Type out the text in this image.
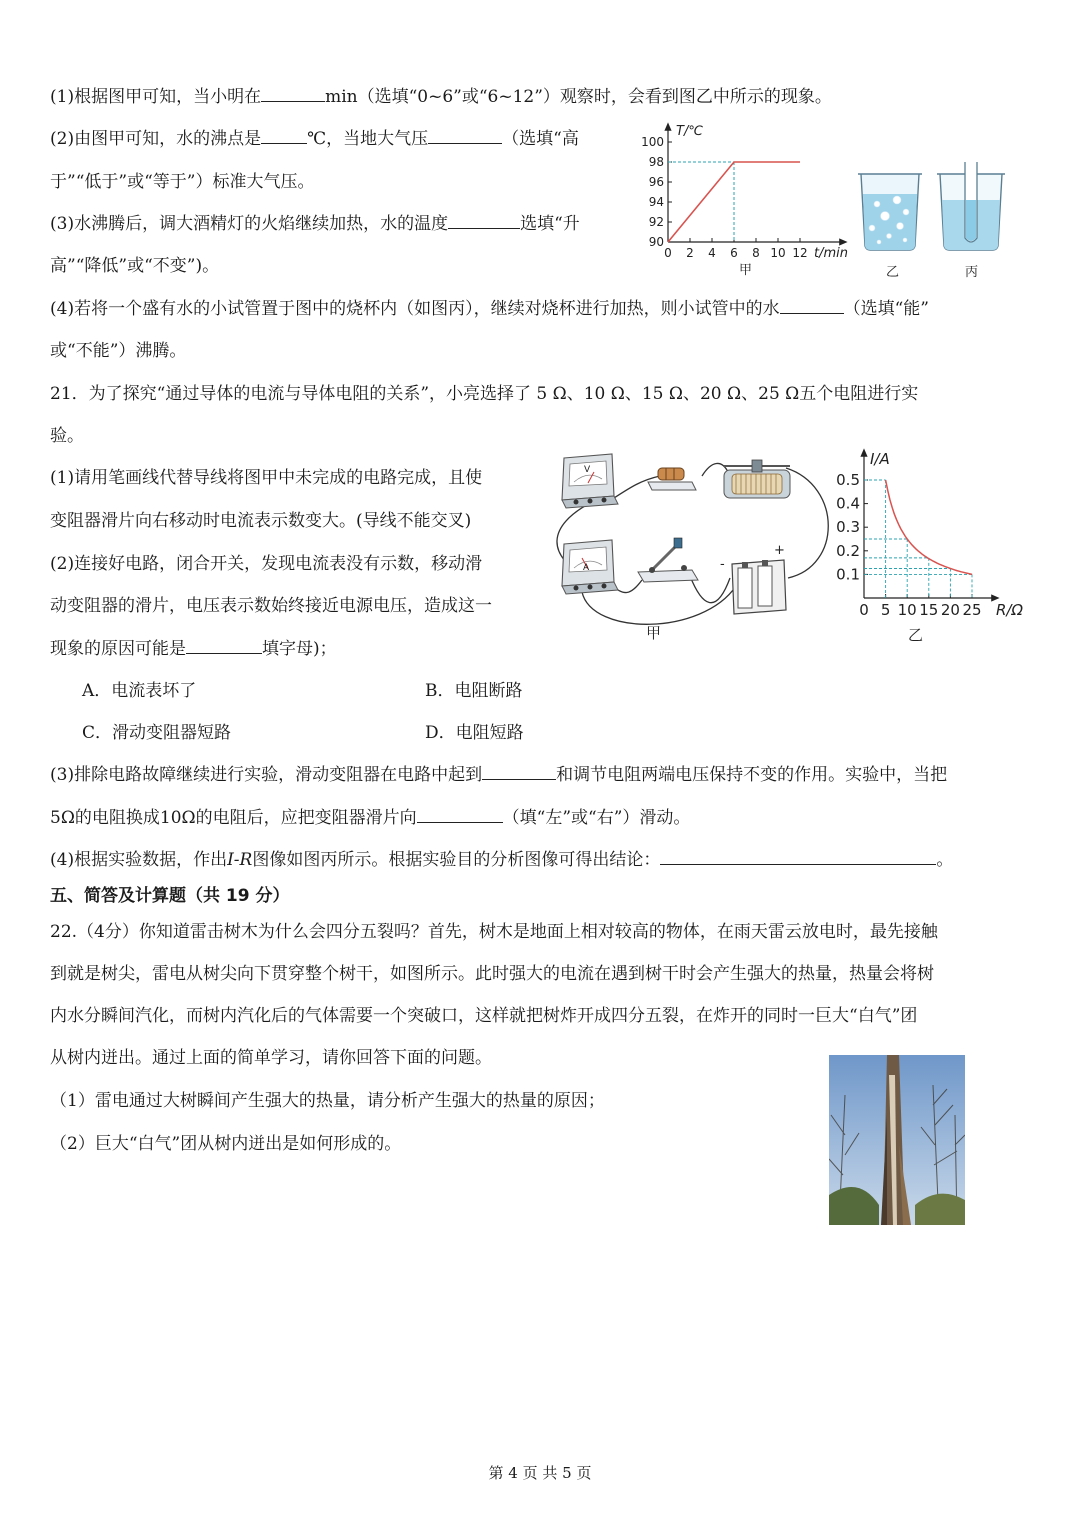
(1)根据图甲可知，当小明在	min（选填“0~6”或“6~12”）观察时，会看到图乙中所示的现象。
(2)由图甲可知，水的沸点是	℃，当地大气压	（选填“高
于”“低于”或“等于”）标准大气压。
(3)水沸腾后，调大酒精灯的火焰继续加热，水的温度	选填“升
高”“降低”或“不变”)。
(4)若将一个盛有水的小试管置于图中的烧杯内（如图丙），继续对烧杯进行加热，则小试管中的水	（选填“能”
或“不能”）沸腾。
T/℃
t/min
90
92
94
96
98
100
0 2 4 6 8 10 12
甲	乙	丙
21．为了探究“通过导体的电流与导体电阻的关系”，小亮选择了 5 Ω、10 Ω、15 Ω、20 Ω、25 Ω五个电阻进行实
验。
(1)请用笔画线代替导线将图甲中未完成的电路完成，且使
变阻器滑片向右移动时电流表示数变大。(导线不能交叉)
(2)连接好电路，闭合开关，发现电流表没有示数，移动滑
动变阻器的滑片，电压表示数始终接近电源电压，造成这一
现象的原因可能是	填字母)；
A．电流表坏了	B．电阻断路
C．滑动变阻器短路	D．电阻短路
(3)排除电路故障继续进行实验，滑动变阻器在电路中起到	和调节电阻两端电压保持不变的作用。实验中，当把
5Ω的电阻换成10Ω的电阻后，应把变阻器滑片向	（填“左”或“右”）滑动。
(4)根据实验数据，作出I-R图像如图丙所示。根据实验目的分析图像可得出结论：	。
V
A	-
+
甲
I/A
R/Ω
0.1
0.2
0.3
0.4
0.5
0 5 10 15 20 25
乙
五、简答及计算题（共 19 分）
22.（4分）你知道雷击树木为什么会四分五裂吗？首先，树木是地面上相对较高的物体，在雨天雷云放电时，最先接触
到就是树尖，雷电从树尖向下贯穿整个树干，如图所示。此时强大的电流在遇到树干时会产生强大的热量，热量会将树
内水分瞬间汽化，而树内汽化后的气体需要一个突破口，这样就把树炸开成四分五裂，在炸开的同时一巨大“白气”团
从树内迸出。通过上面的简单学习，请你回答下面的问题。
（1）雷电通过大树瞬间产生强大的热量，请分析产生强大的热量的原因；
（2）巨大“白气”团从树内迸出是如何形成的。
第 4 页 共 5 页
